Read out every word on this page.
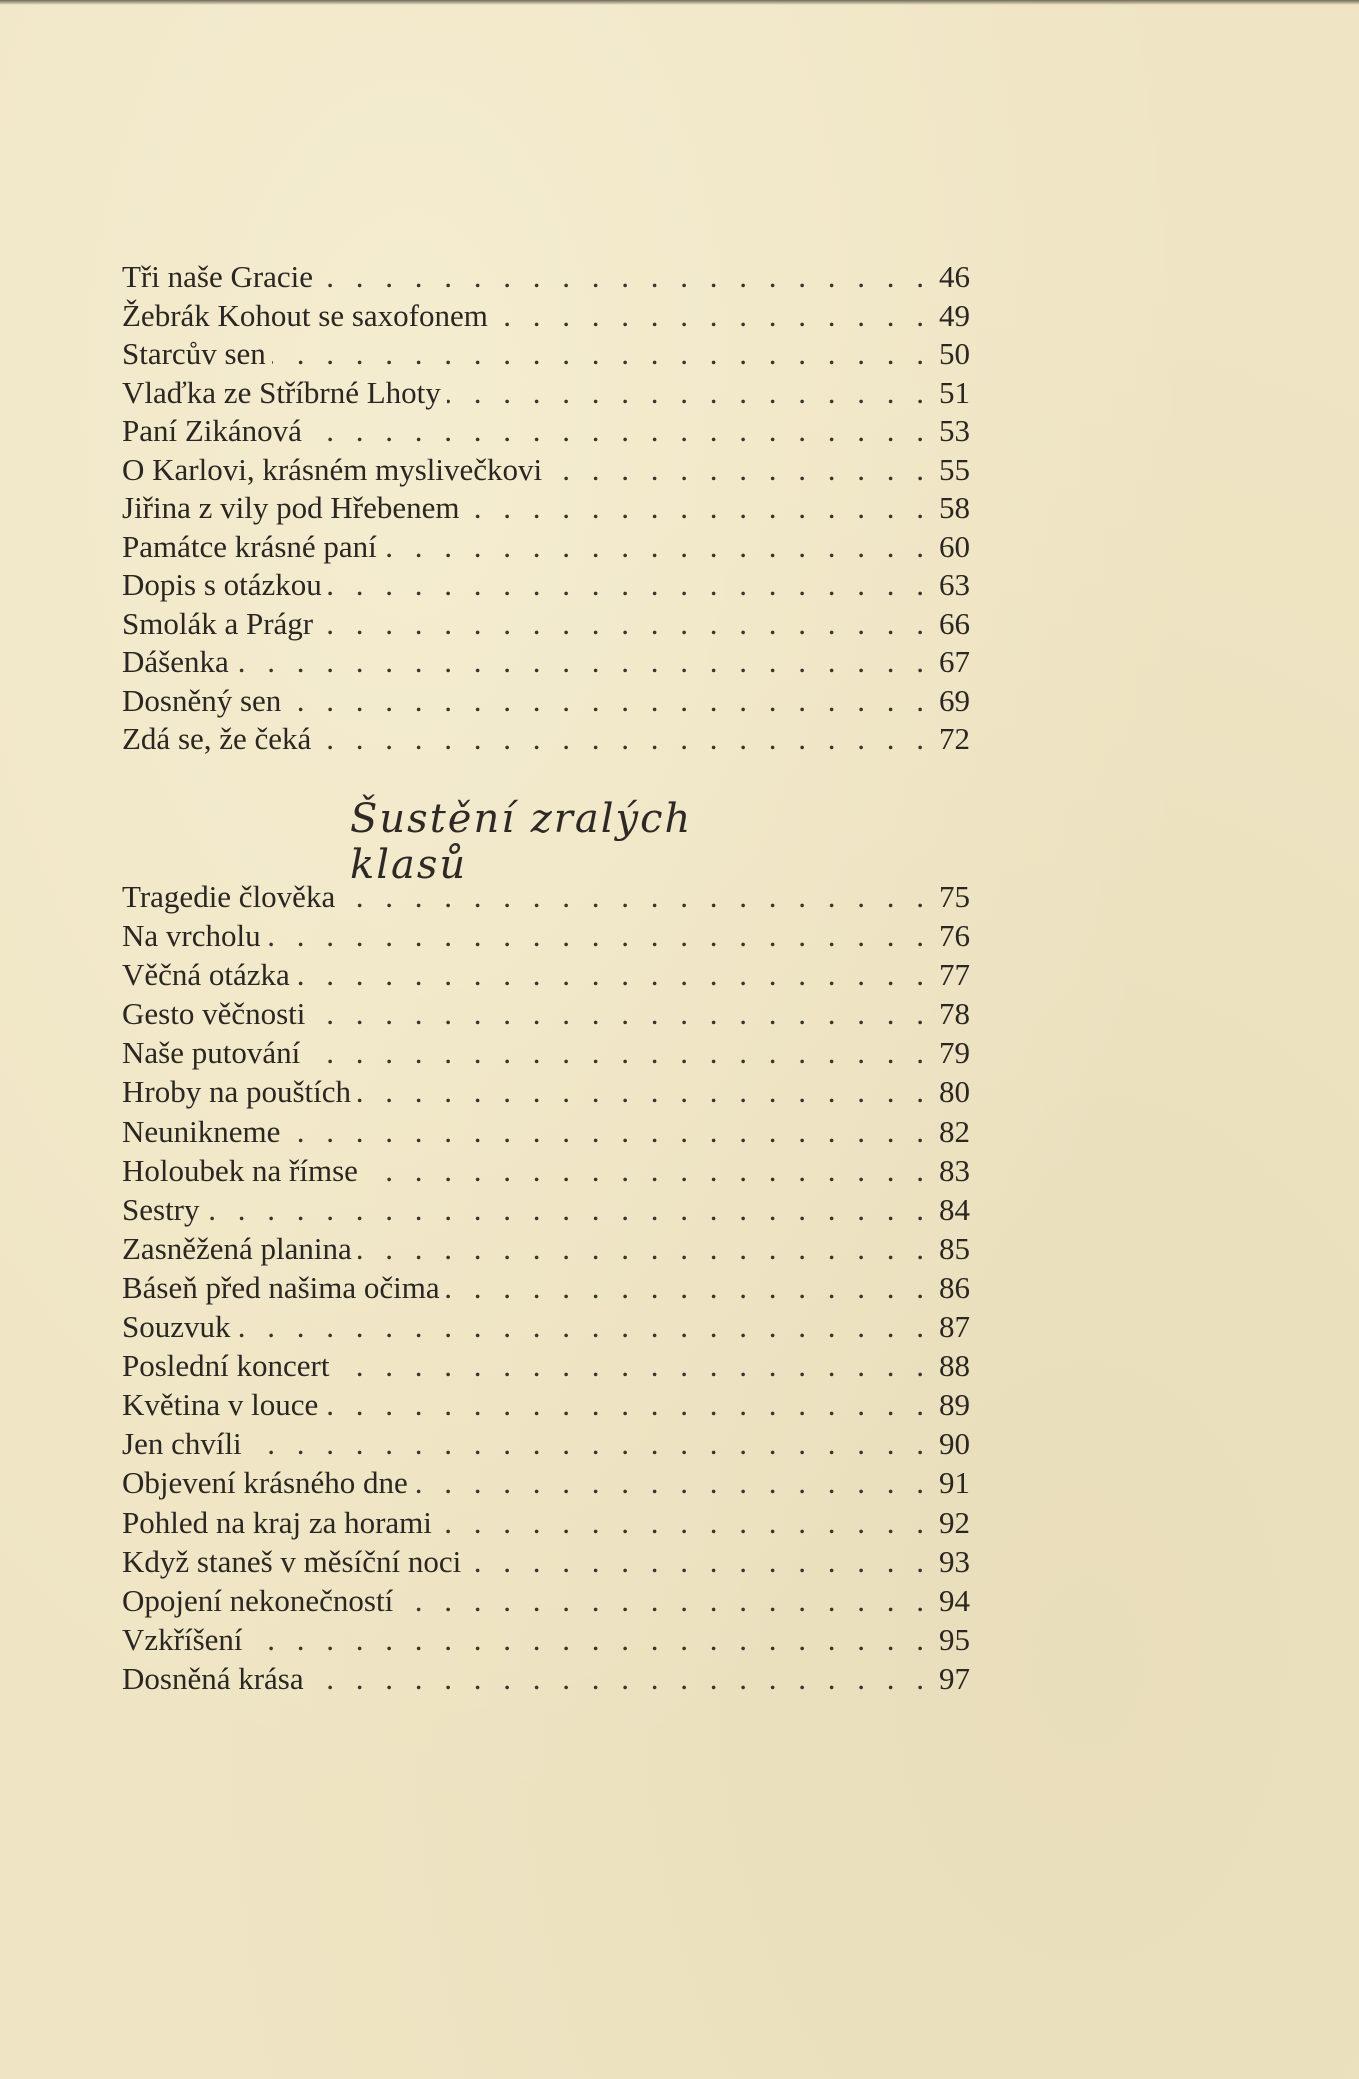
Tři naše Gracie . . .	46
Žebrák Kohout se saxofonem . . .	49
Starcův sen . . .	50
Vlaďka ze Stříbrné Lhoty . . .	51
Paní Zikánová . . .	53
O Karlovi, krásném myslivečkovi . . .	55
Jiřina z vily pod Hřebenem . . .	58
Památce krásné paní . . .	60
Dopis s otázkou . . .	63
Smolák a Prágr . . .	66
Dášenka . . .	67
Dosněný sen . . .	69
Zdá se, že čeká . . .	72
Šustění zralých klasů
Tragedie člověka . . .	75
Na vrcholu . . .	76
Věčná otázka . . .	77
Gesto věčnosti . . .	78
Naše putování . . .	79
Hroby na pouštích . . .	80
Neunikneme . . .	82
Holoubek na římse . . .	83
Sestry . . .	84
Zasněžená planina . . .	85
Báseň před našima očima . . .	86
Souzvuk . . .	87
Poslední koncert . . .	88
Květina v louce . . .	89
Jen chvíli . . .	90
Objevení krásného dne . . .	91
Pohled na kraj za horami . . .	92
Když staneš v měsíční noci . . .	93
Opojení nekonečností . . .	94
Vzkříšení . . .	95
Dosněná krása . . .	97
